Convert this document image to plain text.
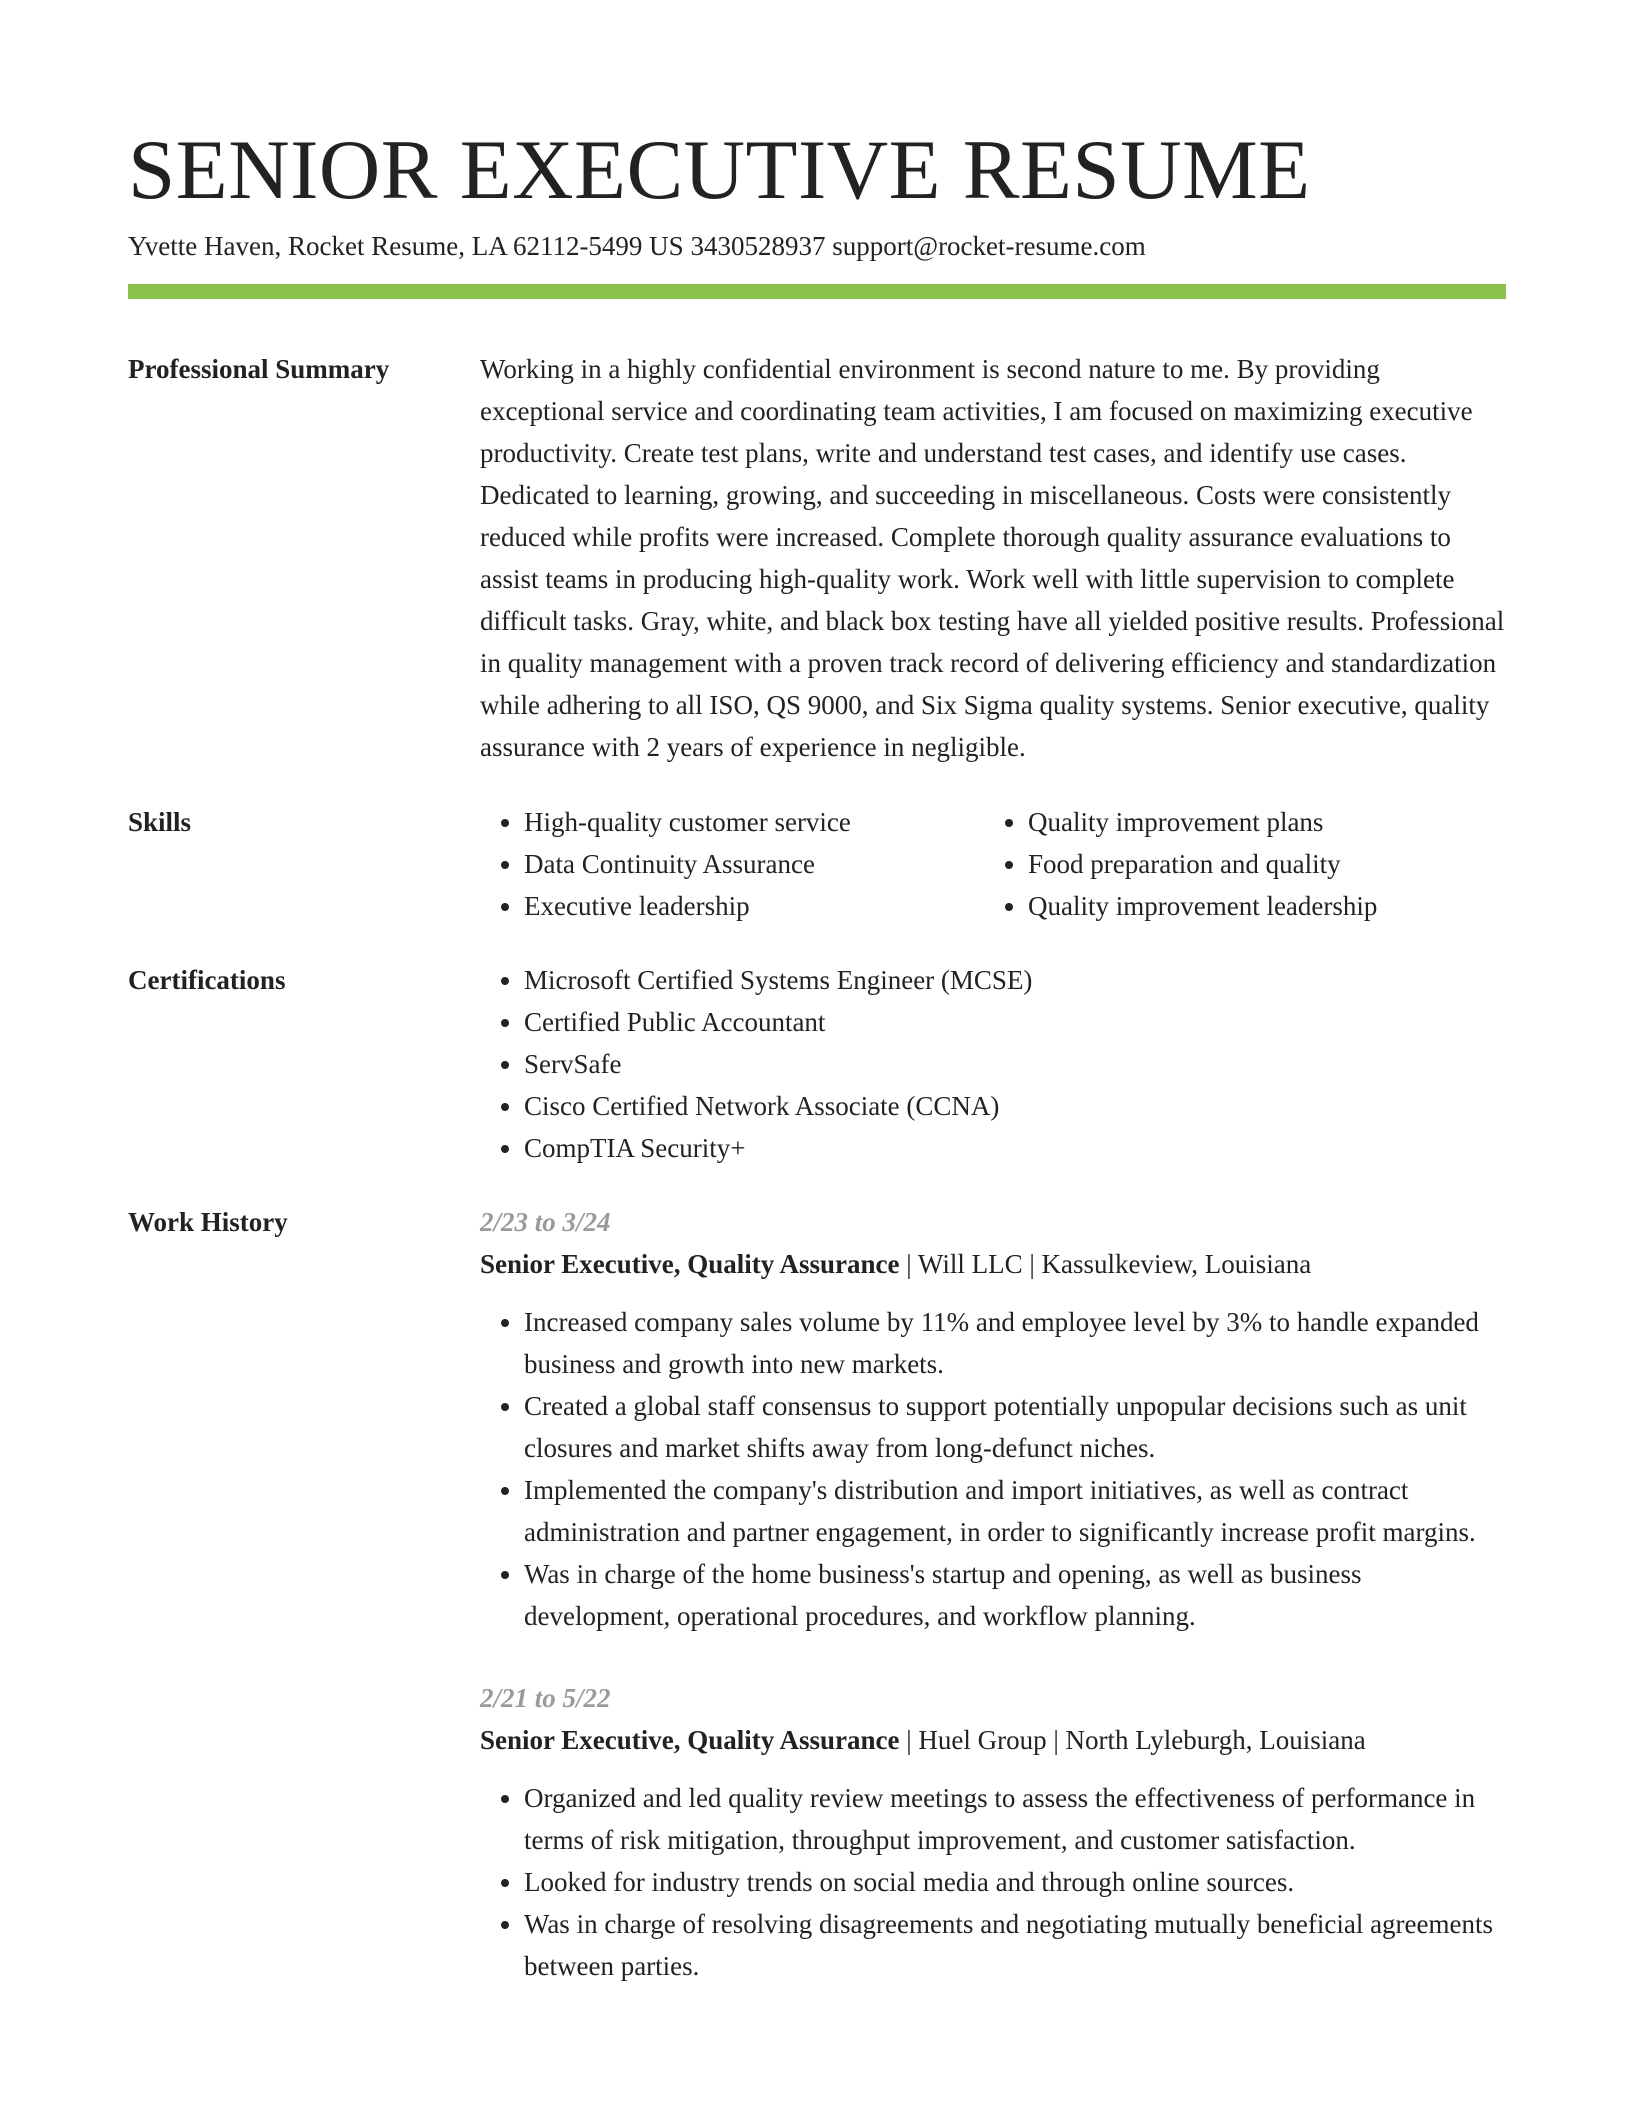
SENIOR EXECUTIVE RESUME
Yvette Haven, Rocket Resume, LA 62112-5499 US 3430528937 support@rocket-resume.com
Professional Summary	Working in a highly confidential environment is second nature to me. By providing exceptional service and coordinating team activities, I am focused on maximizing executive productivity. Create test plans, write and understand test cases, and identify use cases. Dedicated to learning, growing, and succeeding in miscellaneous. Costs were consistently reduced while profits were increased. Complete thorough quality assurance evaluations to assist teams in producing high-quality work. Work well with little supervision to complete difficult tasks. Gray, white, and black box testing have all yielded positive results. Professional in quality management with a proven track record of delivering efficiency and standardization while adhering to all ISO, QS 9000, and Six Sigma quality systems. Senior executive, quality assurance with 2 years of experience in negligible.
Skills	• High-quality customer service
• Data Continuity Assurance
• Executive leadership
• Quality improvement plans
• Food preparation and quality
• Quality improvement leadership
Certifications	• Microsoft Certified Systems Engineer (MCSE)
• Certified Public Accountant
• ServSafe
• Cisco Certified Network Associate (CCNA)
• CompTIA Security+
Work History	2/23 to 3/24
Senior Executive, Quality Assurance | Will LLC | Kassulkeview, Louisiana
• Increased company sales volume by 11% and employee level by 3% to handle expanded business and growth into new markets.
• Created a global staff consensus to support potentially unpopular decisions such as unit closures and market shifts away from long-defunct niches.
• Implemented the company's distribution and import initiatives, as well as contract administration and partner engagement, in order to significantly increase profit margins.
• Was in charge of the home business's startup and opening, as well as business development, operational procedures, and workflow planning.
2/21 to 5/22
Senior Executive, Quality Assurance | Huel Group | North Lyleburgh, Louisiana
• Organized and led quality review meetings to assess the effectiveness of performance in terms of risk mitigation, throughput improvement, and customer satisfaction.
• Looked for industry trends on social media and through online sources.
• Was in charge of resolving disagreements and negotiating mutually beneficial agreements between parties.
